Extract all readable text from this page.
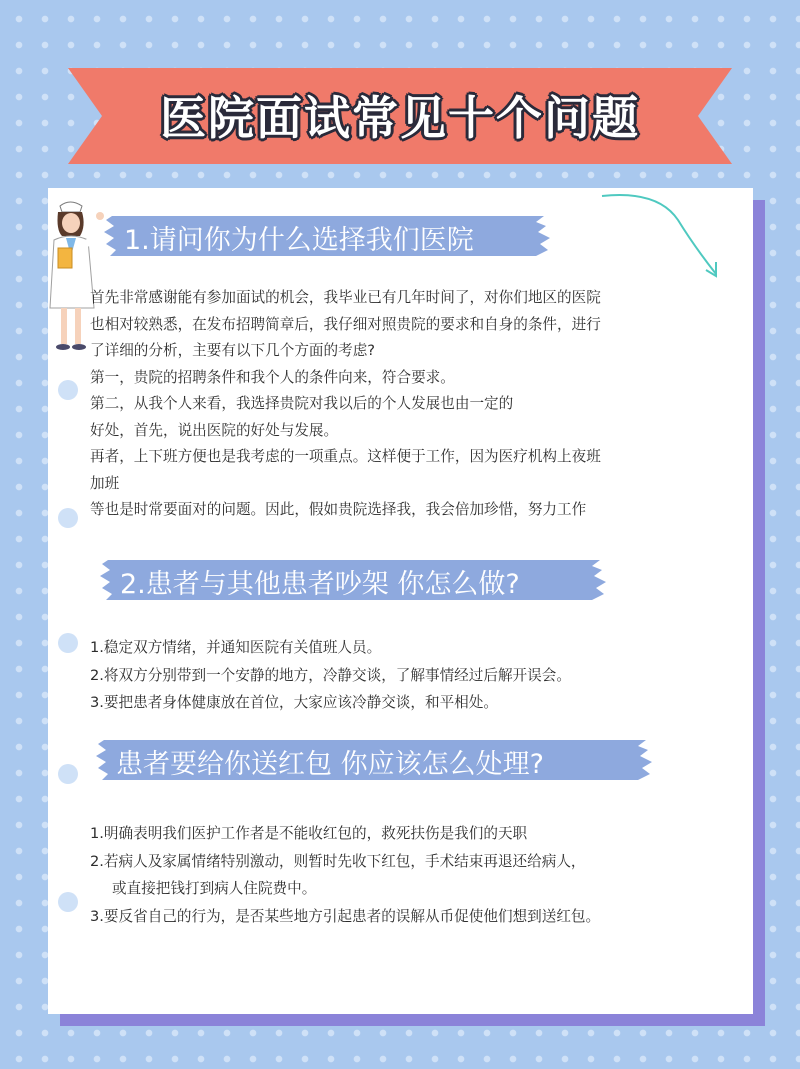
医院面试常见十个问题
1.请问你为什么选择我们医院

首先非常感谢能有参加面试的机会，我毕业已有几年时间了，对你们地区的医院

也相对较熟悉，在发布招聘简章后，我仔细对照贵院的要求和自身的条件，进行

了详细的分析，主要有以下几个方面的考虑?

第一，贵院的招聘条件和我个人的条件向来，符合要求。

第二，从我个人来看，我选择贵院对我以后的个人发展也由一定的

好处，首先，说出医院的好处与发展。

再者，上下班方便也是我考虑的一项重点。这样便于工作，因为医疗机构上夜班

加班

等也是时常要面对的问题。因此，假如贵院选择我，我会倍加珍惜，努力工作

2.患者与其他患者吵架 你怎么做?

1.稳定双方情绪，并通知医院有关值班人员。

2.将双方分别带到一个安静的地方，冷静交谈，了解事情经过后解开误会。

3.要把患者身体健康放在首位，大家应该冷静交谈，和平相处。

患者要给你送红包 你应该怎么处理?

1.明确表明我们医护工作者是不能收红包的，救死扶伤是我们的天职

2.若病人及家属情绪特别激动，则暂时先收下红包，手术结束再退还给病人，

或直接把钱打到病人住院费中。

3.要反省自己的行为，是否某些地方引起患者的误解从币促使他们想到送红包。
